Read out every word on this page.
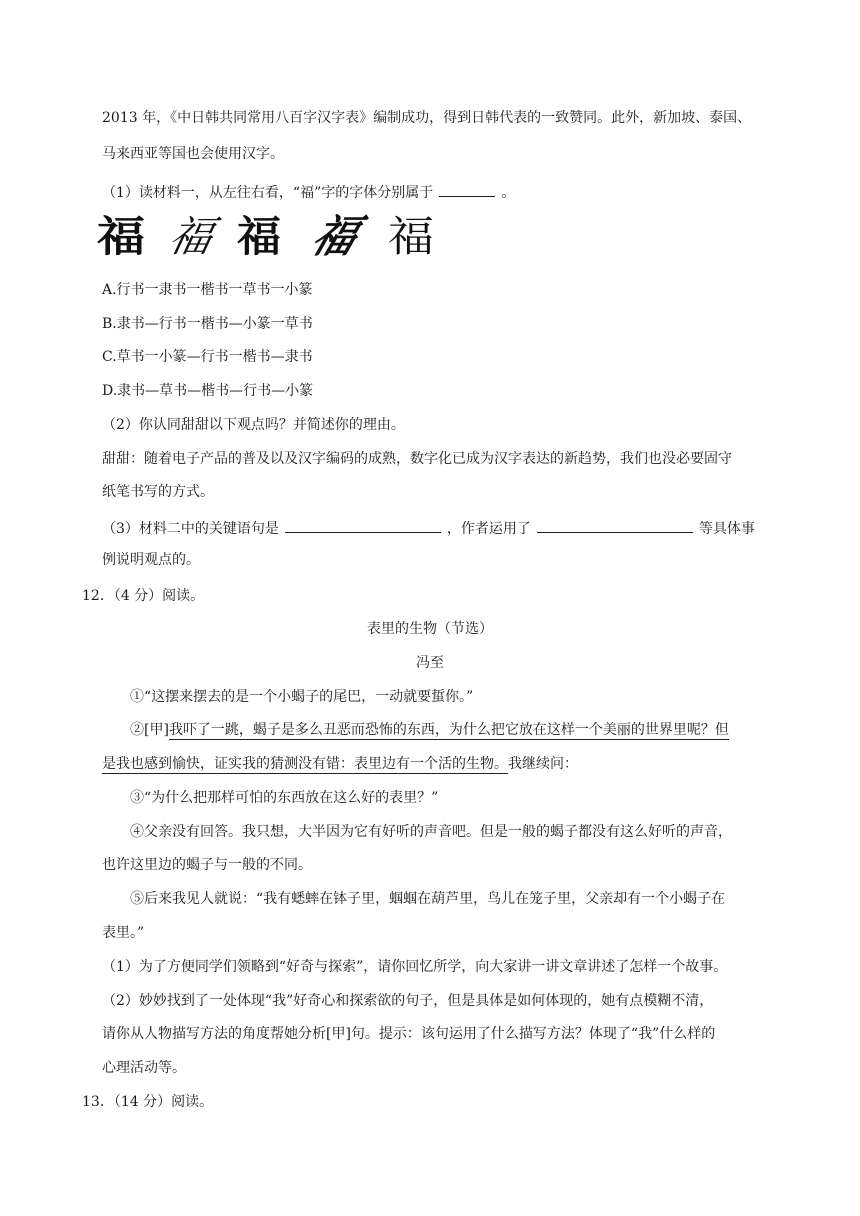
2013 年，《中日韩共同常用八百字汉字表》编制成功，得到日韩代表的一致赞同。此外，新加坡、泰国、
马来西亚等国也会使用汉字。
（1）读材料一，从左往右看，“福”字的字体分别属于	。
福 福 福 福 福
A.行书一隶书一楷书一草书一小篆
B.隶书—行书一楷书—小篆一草书
C.草书一小篆—行书一楷书—隶书
D.隶书—草书—楷书—行书—小篆
（2）你认同甜甜以下观点吗？并简述你的理由。
甜甜：随着电子产品的普及以及汉字编码的成熟，数字化已成为汉字表达的新趋势，我们也没必要固守
纸笔书写的方式。
（3）材料二中的关键语句是	，作者运用了	等具体事
例说明观点的。
12．（4 分）阅读。
表里的生物（节选）
冯至
①“这摆来摆去的是一个小蝎子的尾巴，一动就要蜇你。”
②[甲]我吓了一跳，蝎子是多么丑恶而恐怖的东西，为什么把它放在这样一个美丽的世界里呢？但
是我也感到愉快，证实我的猜测没有错：表里边有一个活的生物。我继续问：
③“为什么把那样可怕的东西放在这么好的表里？”
④父亲没有回答。我只想，大半因为它有好听的声音吧。但是一般的蝎子都没有这么好听的声音，
也许这里边的蝎子与一般的不同。
⑤后来我见人就说：“我有蟋蟀在钵子里，蝈蝈在葫芦里，鸟儿在笼子里，父亲却有一个小蝎子在
表里。”
（1）为了方便同学们领略到“好奇与探索”，请你回忆所学，向大家讲一讲文章讲述了怎样一个故事。
（2）妙妙找到了一处体现“我”好奇心和探索欲的句子，但是具体是如何体现的，她有点模糊不清，
请你从人物描写方法的角度帮她分析[甲]句。提示：该句运用了什么描写方法？体现了“我”什么样的
心理活动等。
13．（14 分）阅读。
